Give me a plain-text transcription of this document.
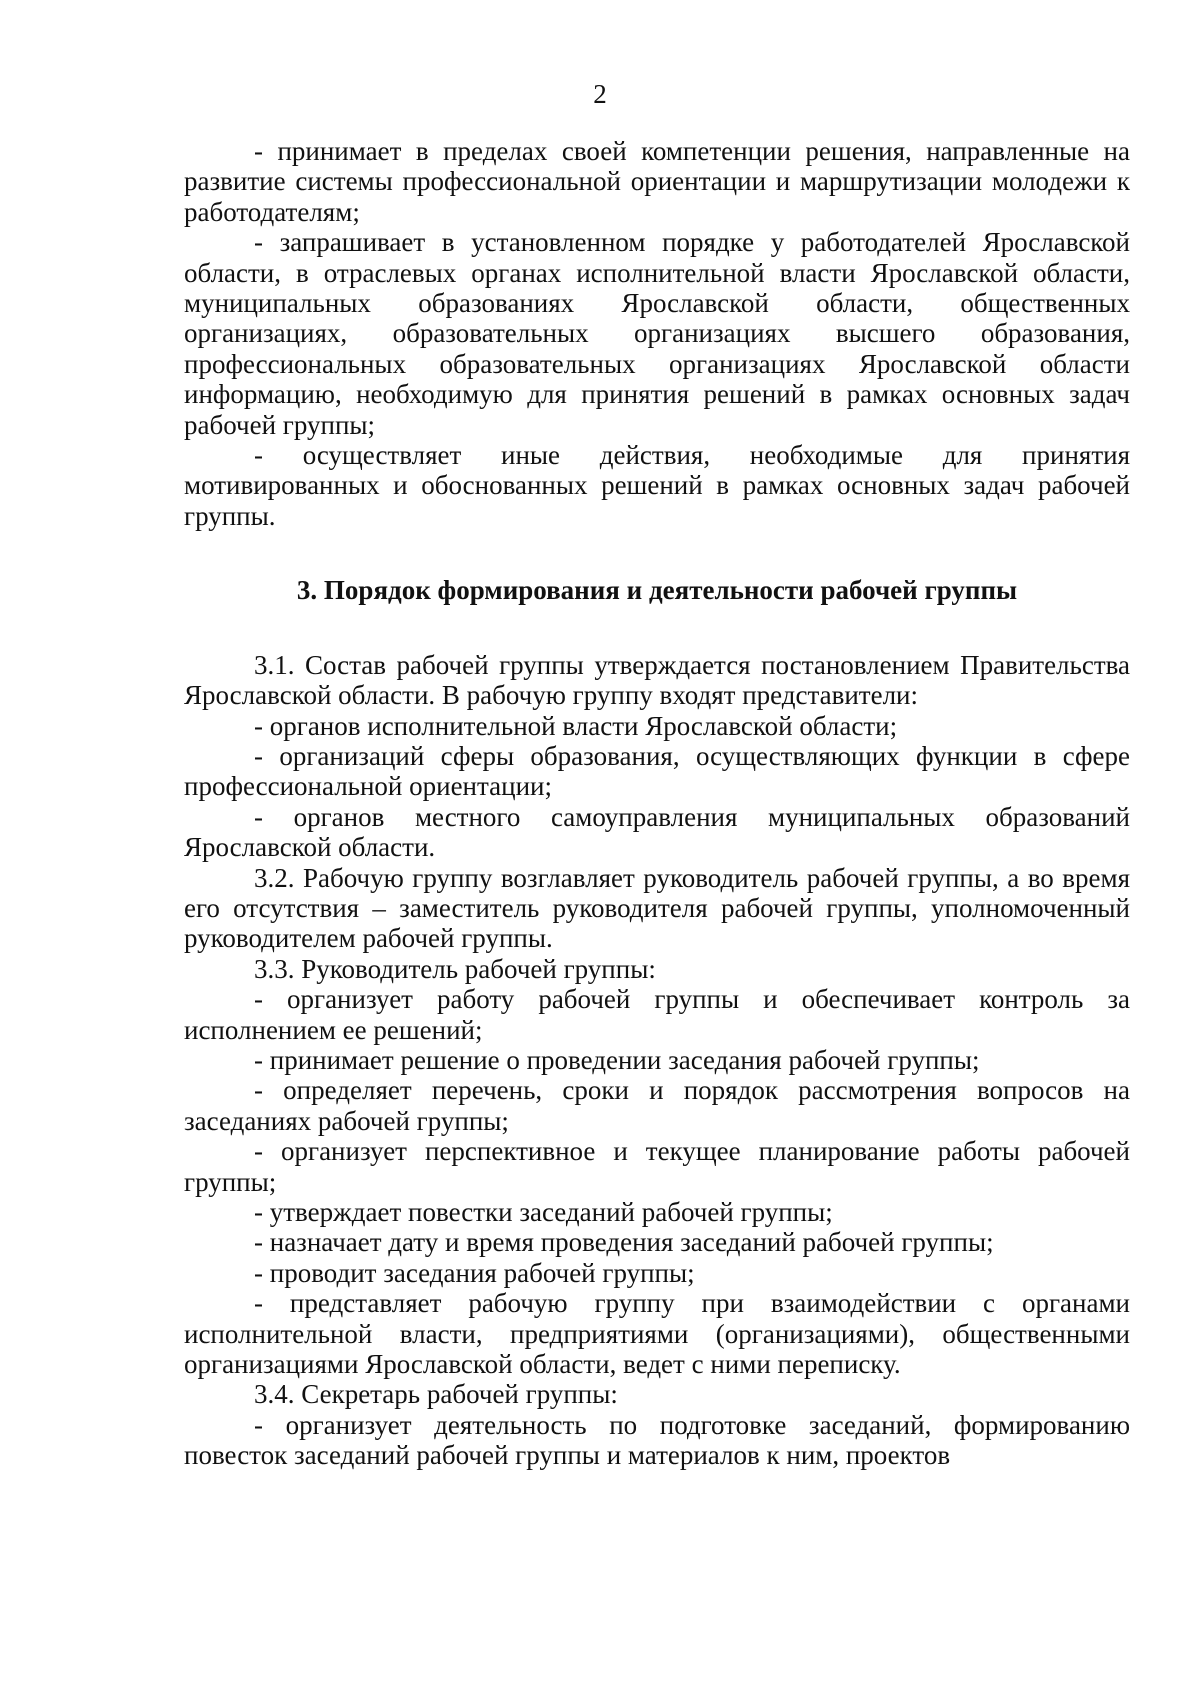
2

- принимает в пределах своей компетенции решения, направленные на развитие системы профессиональной ориентации и маршрутизации молодежи к работодателям;

- запрашивает в установленном порядке у работодателей Ярославской области, в отраслевых органах исполнительной власти Ярославской области, муниципальных образованиях Ярославской области, общественных организациях, образовательных организациях высшего образования, профессиональных образовательных организациях Ярославской области информацию, необходимую для принятия решений в рамках основных задач рабочей группы;

- осуществляет иные действия, необходимые для принятия мотивированных и обоснованных решений в рамках основных задач рабочей группы.

3. Порядок формирования и деятельности рабочей группы

3.1. Состав рабочей группы утверждается постановлением Правительства Ярославской области. В рабочую группу входят представители:

- органов исполнительной власти Ярославской области;

- организаций сферы образования, осуществляющих функции в сфере профессиональной ориентации;

- органов местного самоуправления муниципальных образований Ярославской области.

3.2. Рабочую группу возглавляет руководитель рабочей группы, а во время его отсутствия – заместитель руководителя рабочей группы, уполномоченный руководителем рабочей группы.

3.3. Руководитель рабочей группы:

- организует работу рабочей группы и обеспечивает контроль за исполнением ее решений;

- принимает решение о проведении заседания рабочей группы;

- определяет перечень, сроки и порядок рассмотрения вопросов на заседаниях рабочей группы;

- организует перспективное и текущее планирование работы рабочей группы;

- утверждает повестки заседаний рабочей группы;

- назначает дату и время проведения заседаний рабочей группы;

- проводит заседания рабочей группы;

- представляет рабочую группу при взаимодействии с органами исполнительной власти, предприятиями (организациями), общественными организациями Ярославской области, ведет с ними переписку.

3.4. Секретарь рабочей группы:

- организует деятельность по подготовке заседаний, формированию повесток заседаний рабочей группы и материалов к ним, проектов
